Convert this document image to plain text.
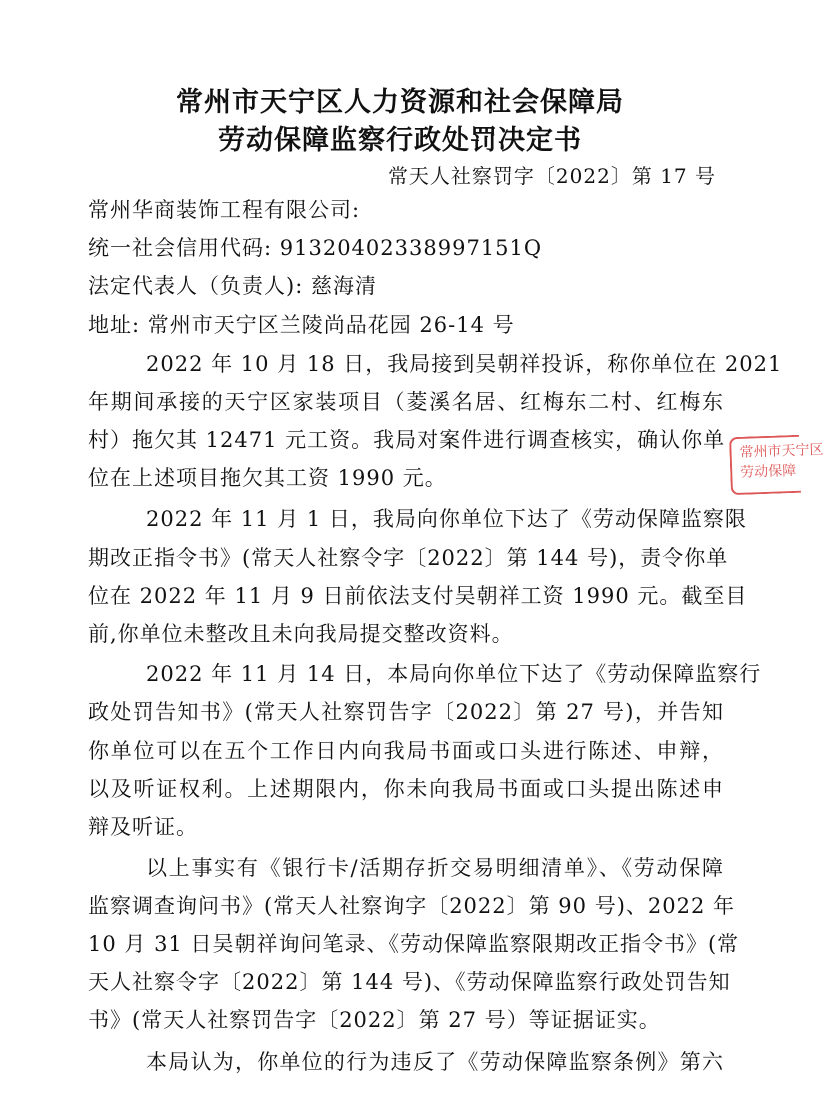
常州市天宁区人力资源和社会保障局
劳动保障监察行政处罚决定书
常天人社察罚字〔2022〕第 17 号
常州华商装饰工程有限公司:
统一社会信用代码: 91320402338997151Q
法定代表人（负责人): 慈海清
地址: 常州市天宁区兰陵尚品花园 26-14 号
2022 年 10 月 18 日，我局接到吴朝祥投诉，称你单位在 2021
年期间承接的天宁区家装项目（菱溪名居、红梅东二村、红梅东
村）拖欠其 12471 元工资。我局对案件进行调查核实，确认你单
位在上述项目拖欠其工资 1990 元。
2022 年 11 月 1 日，我局向你单位下达了《劳动保障监察限
期改正指令书》(常天人社察令字〔2022〕第 144 号)，责令你单
位在 2022 年 11 月 9 日前依法支付吴朝祥工资 1990 元。截至目
前,你单位未整改且未向我局提交整改资料。
2022 年 11 月 14 日，本局向你单位下达了《劳动保障监察行
政处罚告知书》(常天人社察罚告字〔2022〕第 27 号)，并告知
你单位可以在五个工作日内向我局书面或口头进行陈述、申辩，
以及听证权利。上述期限内，你未向我局书面或口头提出陈述申
辩及听证。
以上事实有《银行卡/活期存折交易明细清单》、《劳动保障
监察调查询问书》(常天人社察询字〔2022〕第 90 号)、2022 年
10 月 31 日吴朝祥询问笔录、《劳动保障监察限期改正指令书》(常
天人社察令字〔2022〕第 144 号)、《劳动保障监察行政处罚告知
书》(常天人社察罚告字〔2022〕第 27 号）等证据证实。
本局认为，你单位的行为违反了《劳动保障监察条例》第六
常州市天宁区
劳动保障
